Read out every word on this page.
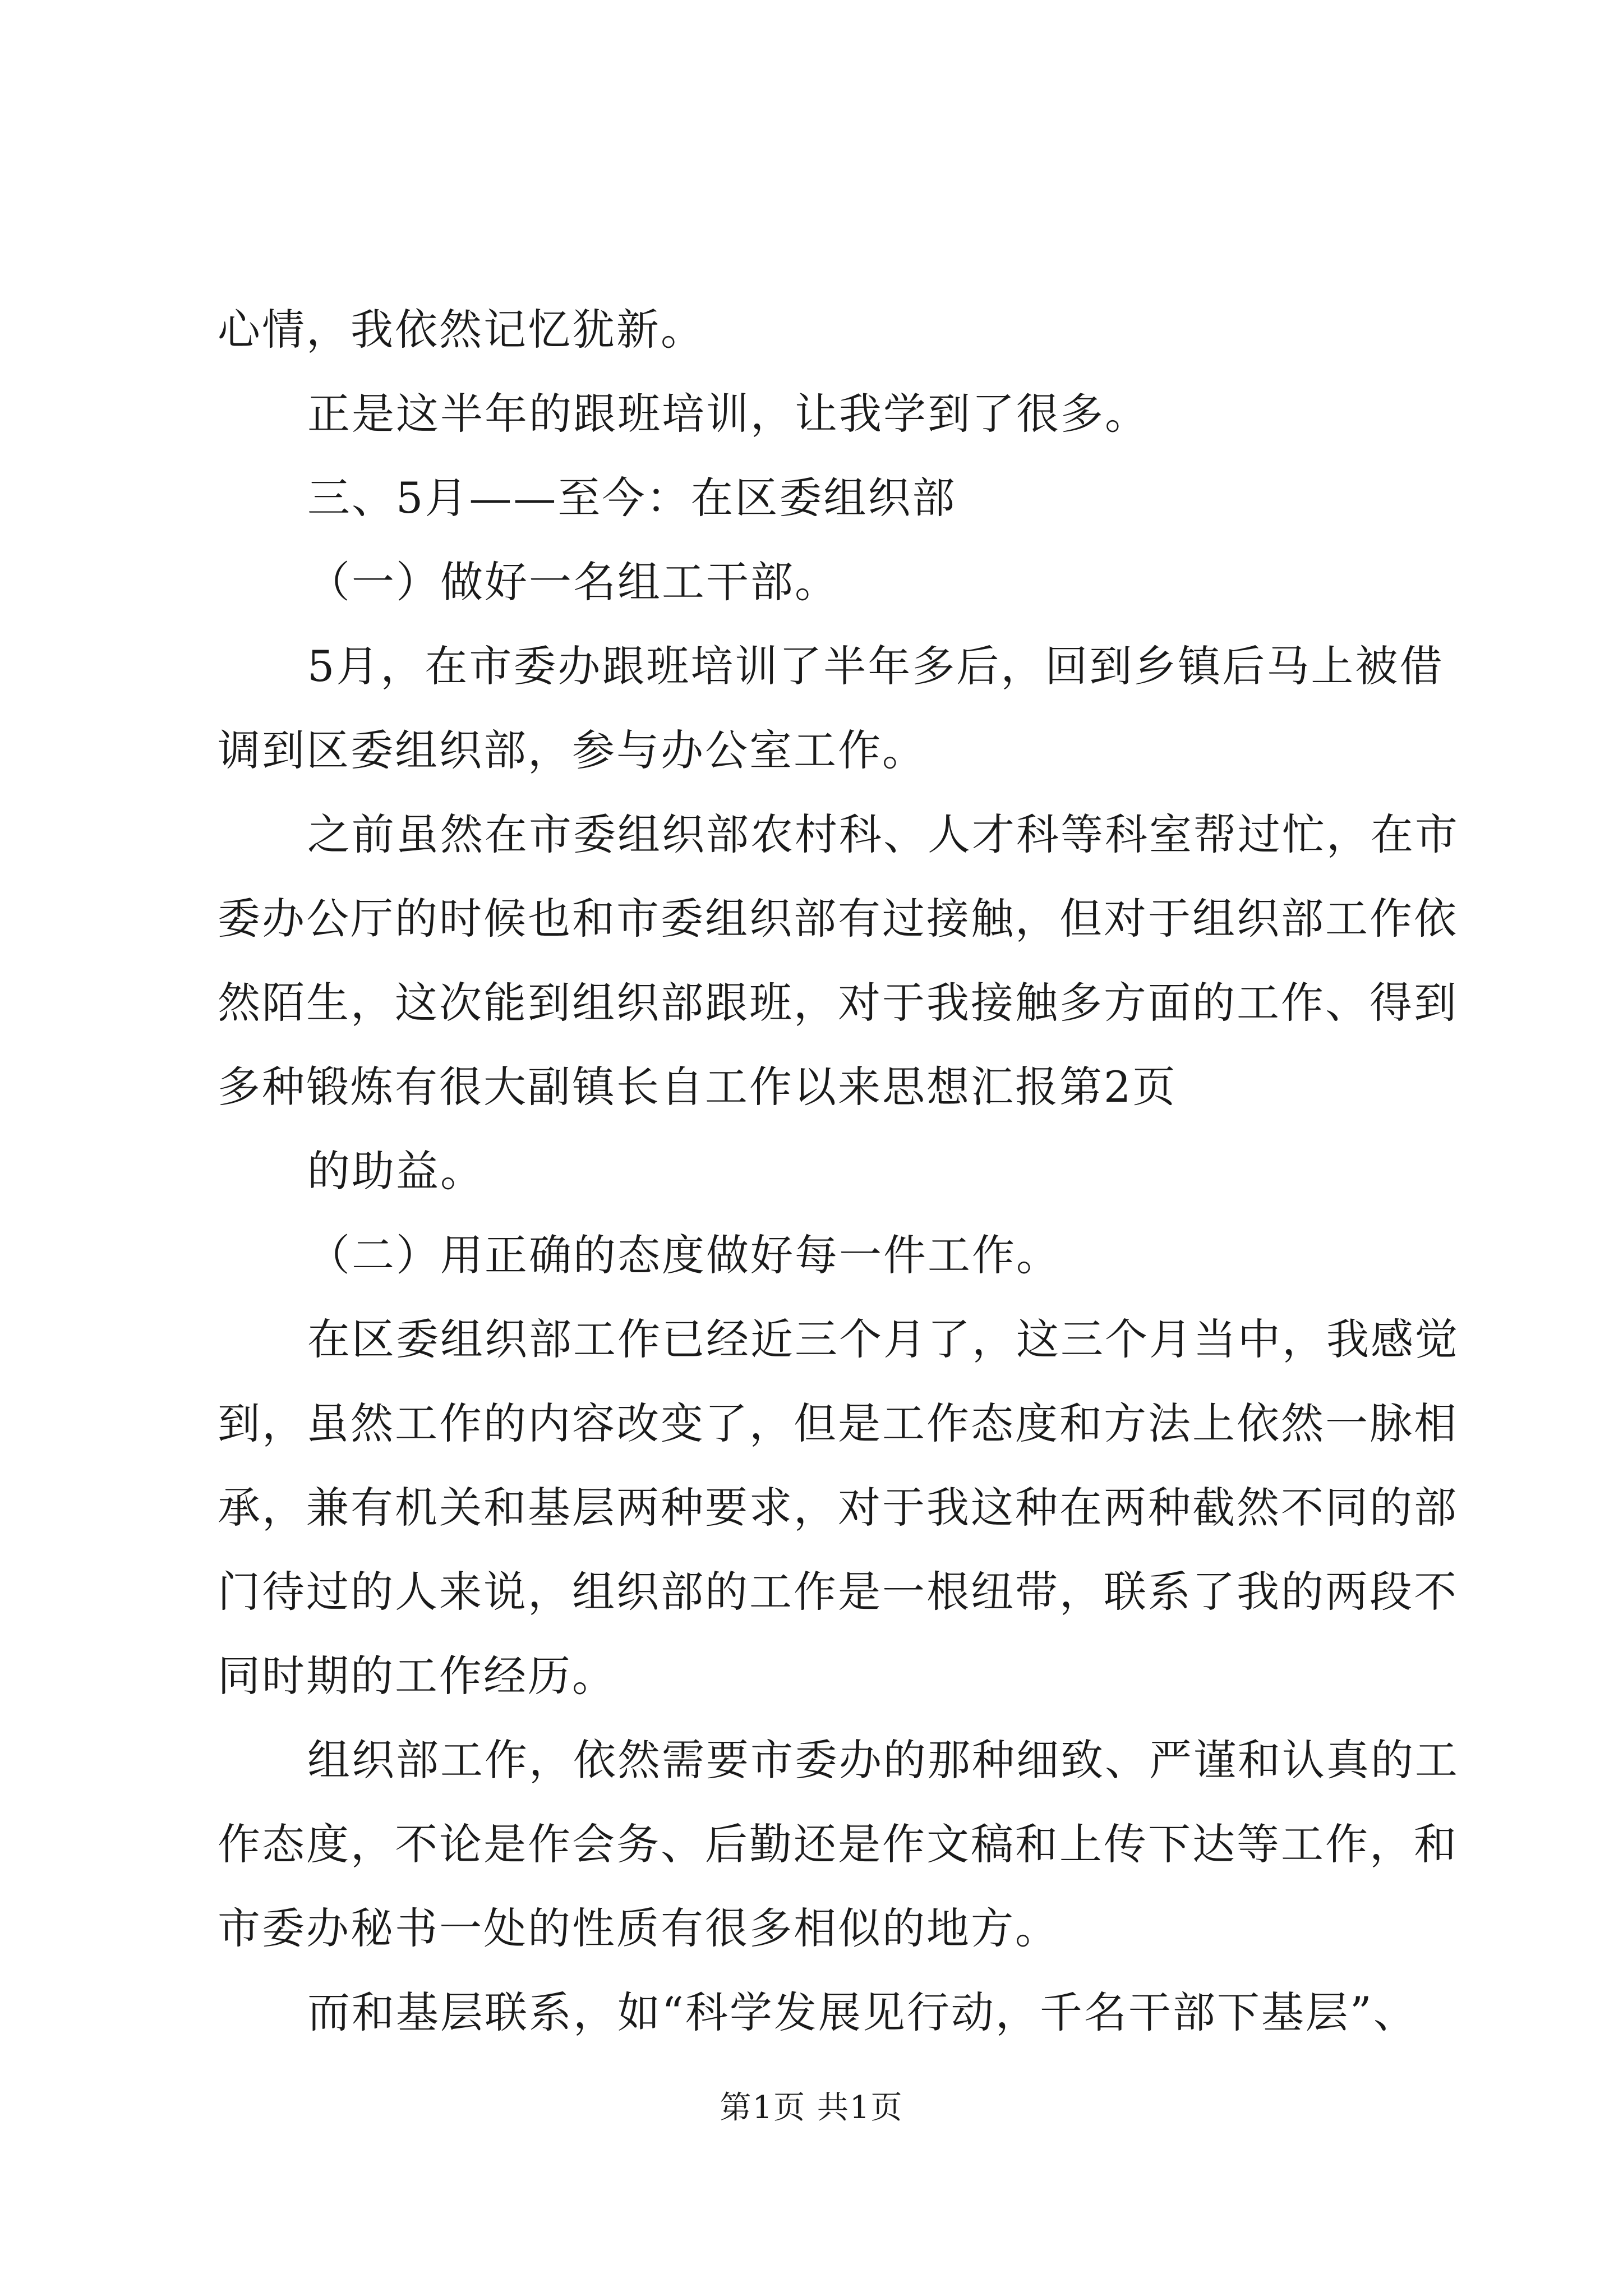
心情，我依然记忆犹新。
正是这半年的跟班培训，让我学到了很多。
三、5月——至今：在区委组织部
（一）做好一名组工干部。
5月，在市委办跟班培训了半年多后，回到乡镇后马上被借
调到区委组织部，参与办公室工作。
之前虽然在市委组织部农村科、人才科等科室帮过忙，在市
委办公厅的时候也和市委组织部有过接触，但对于组织部工作依
然陌生，这次能到组织部跟班，对于我接触多方面的工作、得到
多种锻炼有很大副镇长自工作以来思想汇报第2页
的助益。
（二）用正确的态度做好每一件工作。
在区委组织部工作已经近三个月了，这三个月当中，我感觉
到，虽然工作的内容改变了，但是工作态度和方法上依然一脉相
承，兼有机关和基层两种要求，对于我这种在两种截然不同的部
门待过的人来说，组织部的工作是一根纽带，联系了我的两段不
同时期的工作经历。
组织部工作，依然需要市委办的那种细致、严谨和认真的工
作态度，不论是作会务、后勤还是作文稿和上传下达等工作，和
市委办秘书一处的性质有很多相似的地方。
而和基层联系，如“科学发展见行动，千名干部下基层”、
第1页 共1页
